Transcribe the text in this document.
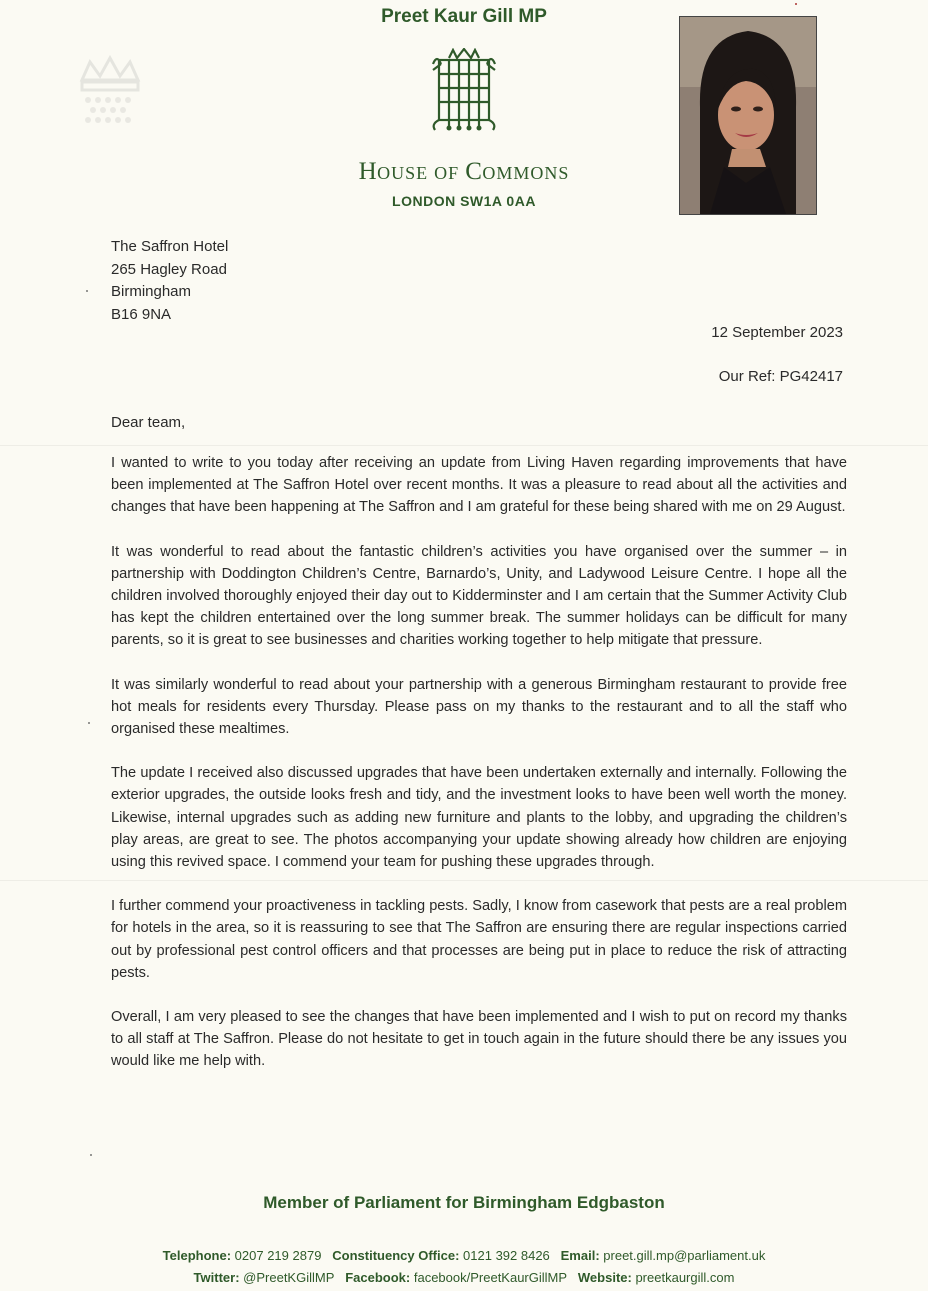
Preet Kaur Gill MP
HOUSE OF COMMONS
LONDON SW1A 0AA
The Saffron Hotel
265 Hagley Road
Birmingham
B16 9NA
12 September 2023
Our Ref: PG42417
Dear team,

I wanted to write to you today after receiving an update from Living Haven regarding improvements that have been implemented at The Saffron Hotel over recent months. It was a pleasure to read about all the activities and changes that have been happening at The Saffron and I am grateful for these being shared with me on 29 August.

It was wonderful to read about the fantastic children’s activities you have organised over the summer – in partnership with Doddington Children’s Centre, Barnardo’s, Unity, and Ladywood Leisure Centre. I hope all the children involved thoroughly enjoyed their day out to Kidderminster and I am certain that the Summer Activity Club has kept the children entertained over the long summer break. The summer holidays can be difficult for many parents, so it is great to see businesses and charities working together to help mitigate that pressure.

It was similarly wonderful to read about your partnership with a generous Birmingham restaurant to provide free hot meals for residents every Thursday. Please pass on my thanks to the restaurant and to all the staff who organised these mealtimes.

The update I received also discussed upgrades that have been undertaken externally and internally. Following the exterior upgrades, the outside looks fresh and tidy, and the investment looks to have been well worth the money. Likewise, internal upgrades such as adding new furniture and plants to the lobby, and upgrading the children’s play areas, are great to see. The photos accompanying your update showing already how children are enjoying using this revived space. I commend your team for pushing these upgrades through.

I further commend your proactiveness in tackling pests. Sadly, I know from casework that pests are a real problem for hotels in the area, so it is reassuring to see that The Saffron are ensuring there are regular inspections carried out by professional pest control officers and that processes are being put in place to reduce the risk of attracting pests.

Overall, I am very pleased to see the changes that have been implemented and I wish to put on record my thanks to all staff at The Saffron. Please do not hesitate to get in touch again in the future should there be any issues you would like me help with.

Member of Parliament for Birmingham Edgbaston
Telephone: 0207 219 2879 Constituency Office: 0121 392 8426 Email: preet.gill.mp@parliament.uk
Twitter: @PreetKGillMP Facebook: facebook/PreetKaurGillMP Website: preetkaurgill.com
